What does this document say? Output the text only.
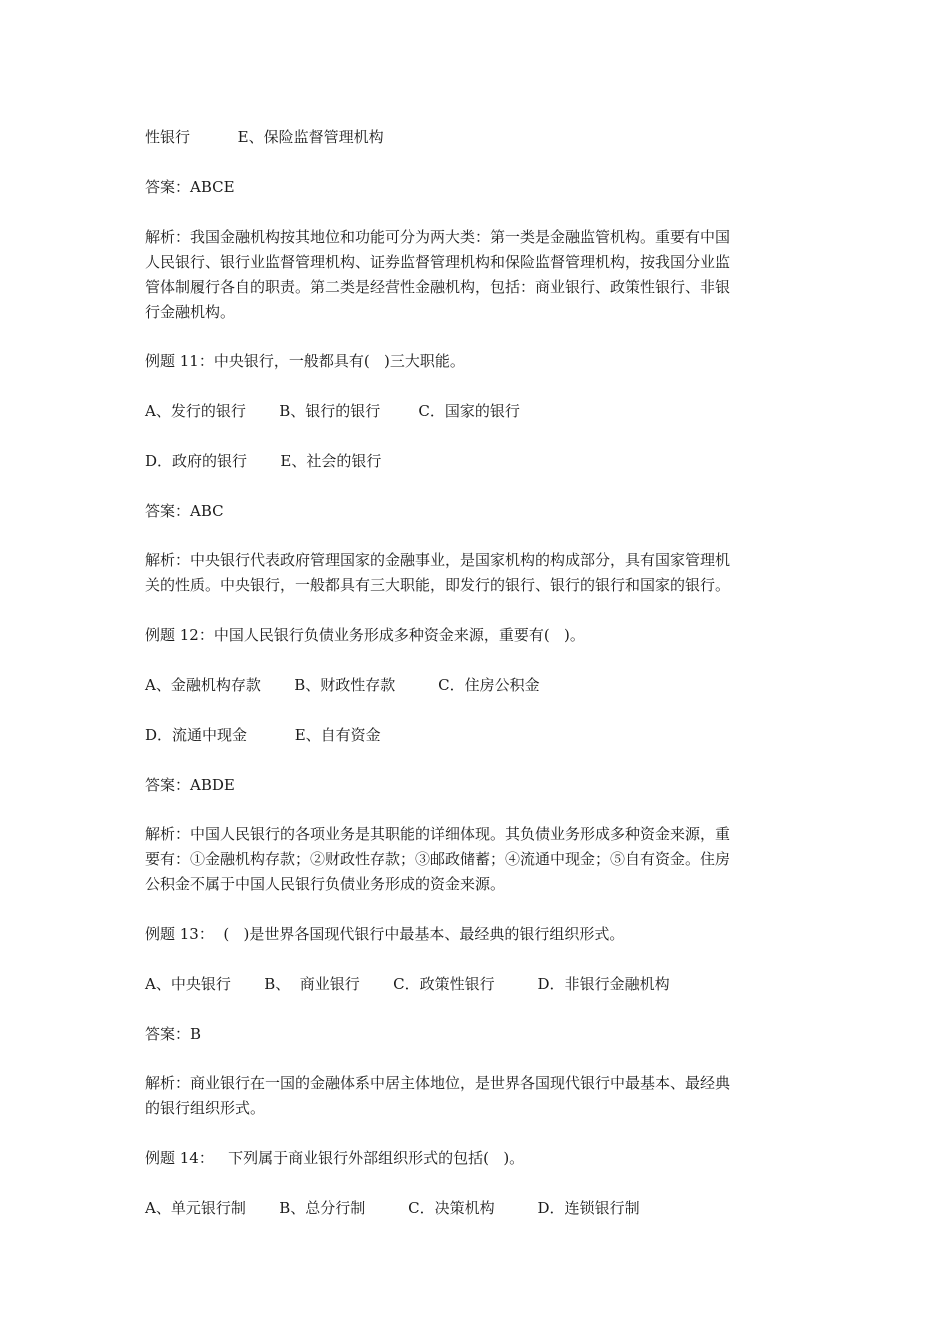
性银行          E、保险监督管理机构
答案：ABCE
解析：我国金融机构按其地位和功能可分为两大类：第一类是金融监管机构。重要有中国
人民银行、银行业监督管理机构、证券监督管理机构和保险监督管理机构，按我国分业监
管体制履行各自的职责。第二类是经营性金融机构，包括：商业银行、政策性银行、非银
行金融机构。
例题 11：中央银行，一般都具有(   )三大职能。
A、发行的银行       B、银行的银行        C．国家的银行
D．政府的银行       E、社会的银行
答案：ABC
解析：中央银行代表政府管理国家的金融事业，是国家机构的构成部分，具有国家管理机
关的性质。中央银行，一般都具有三大职能，即发行的银行、银行的银行和国家的银行。
例题 12：中国人民银行负债业务形成多种资金来源，重要有(   )。
A、金融机构存款       B、财政性存款         C．住房公积金
D．流通中现金          E、自有资金
答案：ABDE
解析：中国人民银行的各项业务是其职能的详细体现。其负债业务形成多种资金来源，重
要有：①金融机构存款；②财政性存款；③邮政储蓄；④流通中现金；⑤自有资金。住房
公积金不属于中国人民银行负债业务形成的资金来源。
例题 13：  (   )是世界各国现代银行中最基本、最经典的银行组织形式。
A、中央银行       B、  商业银行       C．政策性银行         D．非银行金融机构
答案：B
解析：商业银行在一国的金融体系中居主体地位，是世界各国现代银行中最基本、最经典
的银行组织形式。
例题 14：   下列属于商业银行外部组织形式的包括(   )。
A、单元银行制       B、总分行制         C．决策机构         D．连锁银行制
